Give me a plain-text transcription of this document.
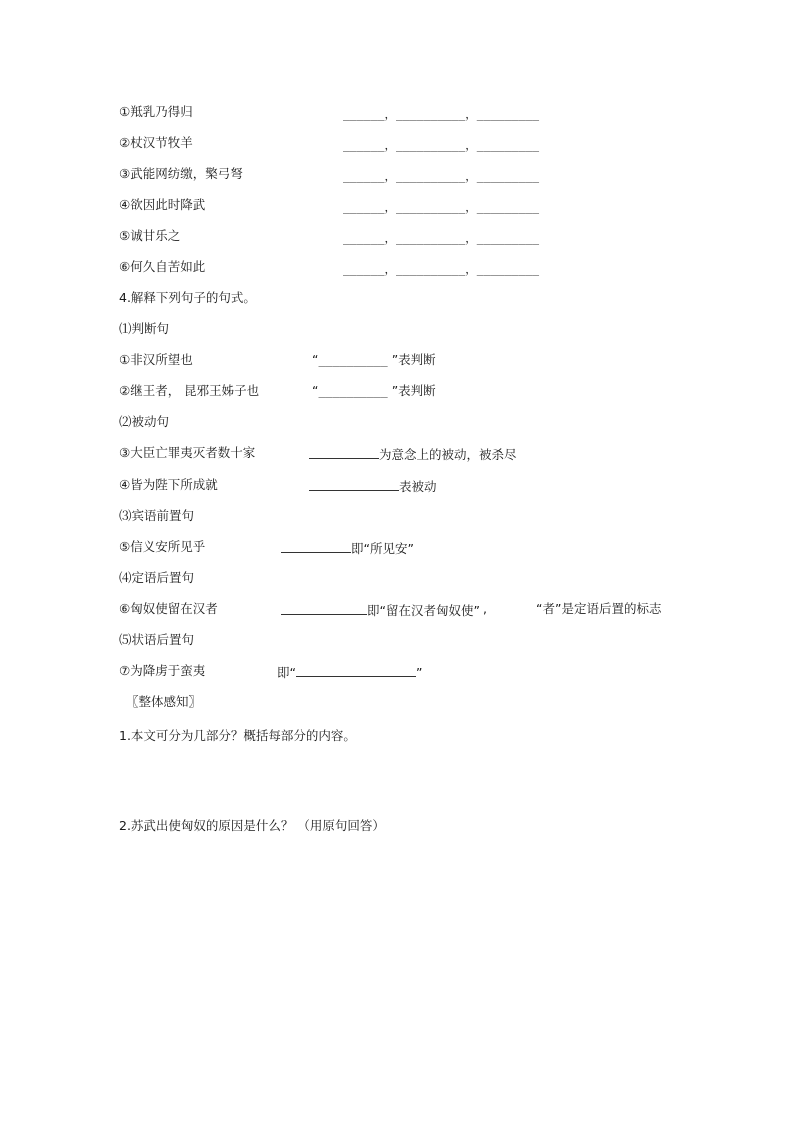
①羝乳乃得归	______，__________，_________
②杖汉节牧羊	______，__________，_________
③武能网纺缴，檠弓弩	______，__________，_________
④欲因此时降武	______，__________，_________
⑤诚甘乐之	______，__________，_________
⑥何久自苦如此	______，__________，_________
4.解释下列句子的句式。
⑴判断句
①非汉所望也	“__________ ”表判断
②继王者， 昆邪王姊子也	“__________ ”表判断
⑵被动句
③大臣亡罪夷灭者数十家	为意念上的被动，被杀尽
④皆为陛下所成就	表被动
⑶宾语前置句
⑤信义安所见乎	即“所见安”
⑷定语后置句
⑥匈奴使留在汉者	即“留在汉者匈奴使” ,	“者”是定语后置的标志
⑸状语后置句
⑦为降虏于蛮夷	即“	”
〖整体感知〗
1.本文可分为几部分？概括每部分的内容。
2.苏武出使匈奴的原因是什么？ （用原句回答）
